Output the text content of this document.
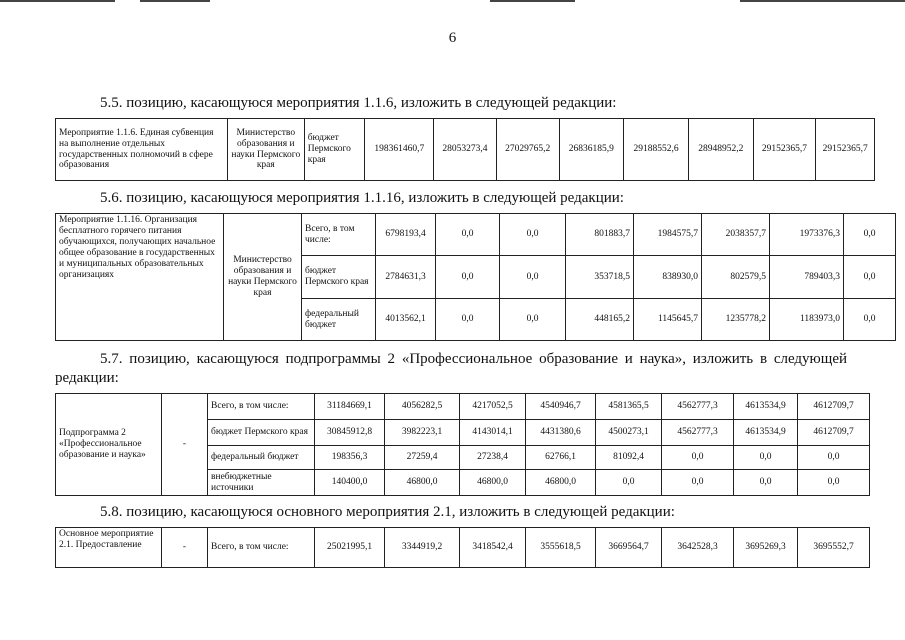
6
5.5. позицию, касающуюся мероприятия 1.1.6, изложить в следующей редакции:
Мероприятие 1.1.6. Единая субвенция на выполнение отдельных государственных полномочий в сфере образования	Министерство образования и науки Пермского края	бюджет Пермского края	198361460,7	28053273,4	27029765,2	26836185,9	29188552,6	28948952,2	29152365,7	29152365,7
5.6. позицию, касающуюся мероприятия 1.1.16, изложить в следующей редакции:
Мероприятие 1.1.16. Организация бесплатного горячего питания обучающихся, получающих начальное общее образование в государственных и муниципальных образовательных организациях	Министерство образования и науки Пермского края	Всего, в том числе:	6798193,4	0,0	0,0	801883,7	1984575,7	2038357,7	1973376,3	0,0
		бюджет Пермского края	2784631,3	0,0	0,0	353718,5	838930,0	802579,5	789403,3	0,0
		федеральный бюджет	4013562,1	0,0	0,0	448165,2	1145645,7	1235778,2	1183973,0	0,0
5.7. позицию, касающуюся подпрограммы 2 «Профессиональное образование и наука», изложить в следующей
редакции:
Подпрограмма 2 «Профессиональное образование и наука»	-	Всего, в том числе:	31184669,1	4056282,5	4217052,5	4540946,7	4581365,5	4562777,3	4613534,9	4612709,7
		бюджет Пермского края	30845912,8	3982223,1	4143014,1	4431380,6	4500273,1	4562777,3	4613534,9	4612709,7
		федеральный бюджет	198356,3	27259,4	27238,4	62766,1	81092,4	0,0	0,0	0,0
		внебюджетные источники	140400,0	46800,0	46800,0	46800,0	0,0	0,0	0,0	0,0
5.8. позицию, касающуюся основного мероприятия 2.1, изложить в следующей редакции:
Основное мероприятие 2.1. Предоставление	-	Всего, в том числе:	25021995,1	3344919,2	3418542,4	3555618,5	3669564,7	3642528,3	3695269,3	3695552,7
